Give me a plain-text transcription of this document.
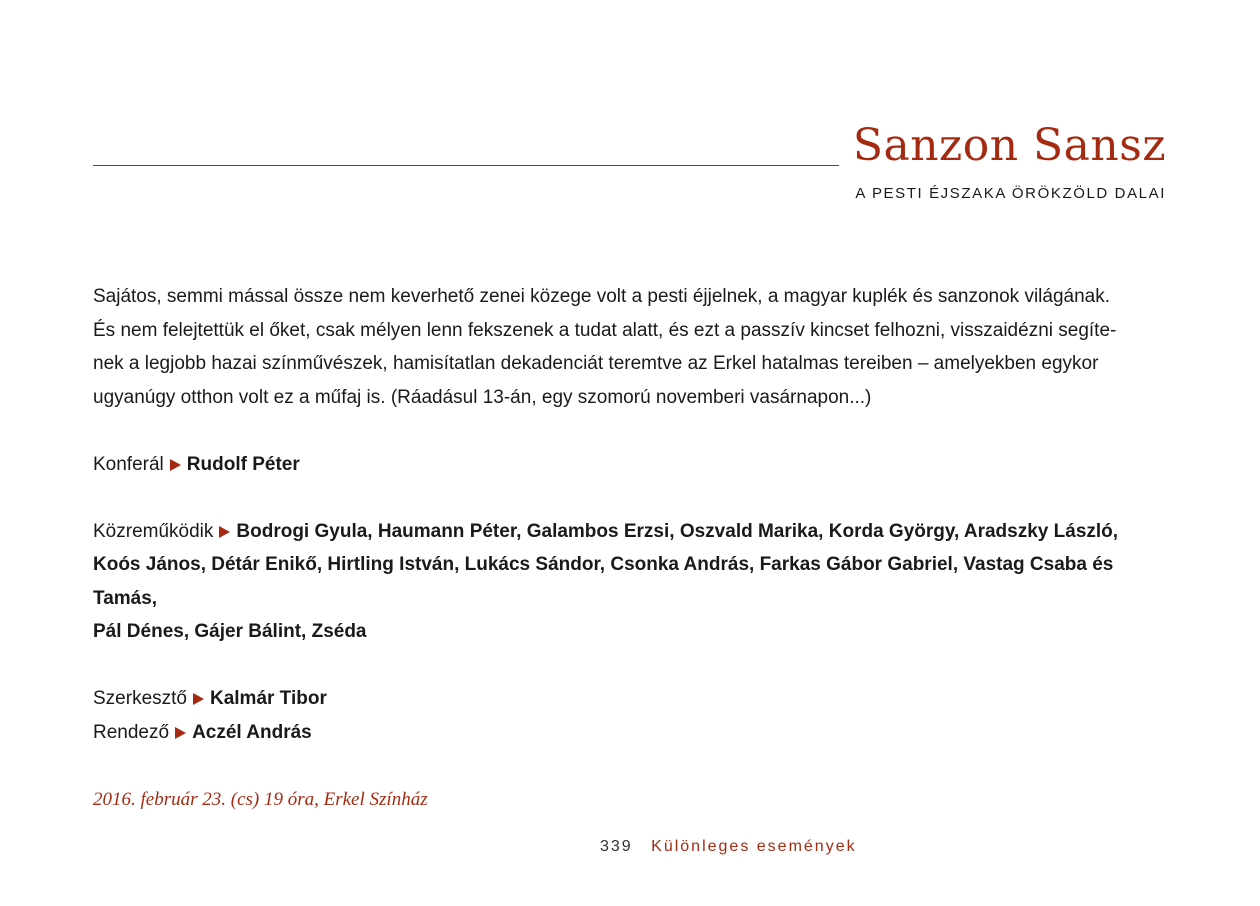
Sanzon Sansz
A PESTI ÉJSZAKA ÖRÖKZÖLD DALAI

Sajátos, semmi mással össze nem keverhető zenei közege volt a pesti éjjelnek, a magyar kuplék és sanzonok világának.
És nem felejtettük el őket, csak mélyen lenn fekszenek a tudat alatt, és ezt a passzív kincset felhozni, visszaidézni segíte-
nek a legjobb hazai színművészek, hamisítatlan dekadenciát teremtve az Erkel hatalmas tereiben – amelyekben egykor
ugyanúgy otthon volt ez a műfaj is. (Ráadásul 13-án, egy szomorú novemberi vasárnapon...)

Konferál Rudolf Péter

Közreműködik Bodrogi Gyula, Haumann Péter, Galambos Erzsi, Oszvald Marika, Korda György, Aradszky László,
Koós János, Détár Enikő, Hirtling István, Lukács Sándor, Csonka András, Farkas Gábor Gabriel, Vastag Csaba és Tamás,
Pál Dénes, Gájer Bálint, Zséda

Szerkesztő Kalmár Tibor

Rendező Aczél András

2016. február 23. (cs) 19 óra, Erkel Színház

339 Különleges események
